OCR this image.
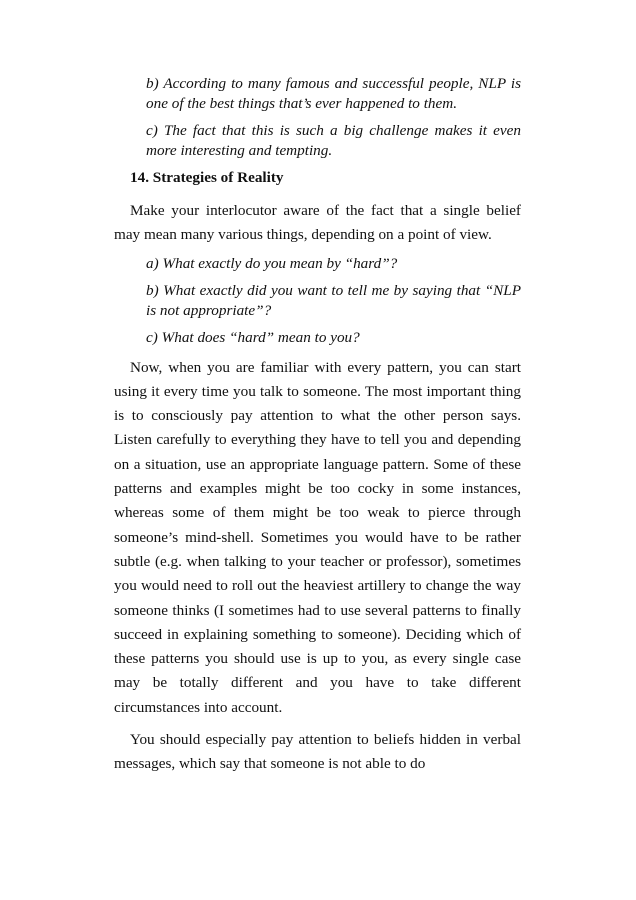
b) According to many famous and successful people, NLP is one of the best things that’s ever happened to them.

c) The fact that this is such a big challenge makes it even more interesting and tempting.

14. Strategies of Reality

Make your interlocutor aware of the fact that a single belief may mean many various things, depending on a point of view.

a) What exactly do you mean by “hard”?

b) What exactly did you want to tell me by saying that “NLP is not appropriate”?

c) What does “hard” mean to you?

Now, when you are familiar with every pattern, you can start using it every time you talk to someone. The most important thing is to consciously pay attention to what the other person says. Listen carefully to everything they have to tell you and depending on a situation, use an appropriate language pattern. Some of these patterns and examples might be too cocky in some instances, whereas some of them might be too weak to pierce through someone’s mind-shell. Sometimes you would have to be rather subtle (e.g. when talking to your teacher or professor), sometimes you would need to roll out the heaviest artillery to change the way someone thinks (I sometimes had to use several patterns to finally succeed in explaining something to someone). Deciding which of these patterns you should use is up to you, as every single case may be totally different and you have to take different circumstances into account.

You should especially pay attention to beliefs hidden in verbal messages, which say that someone is not able to do
